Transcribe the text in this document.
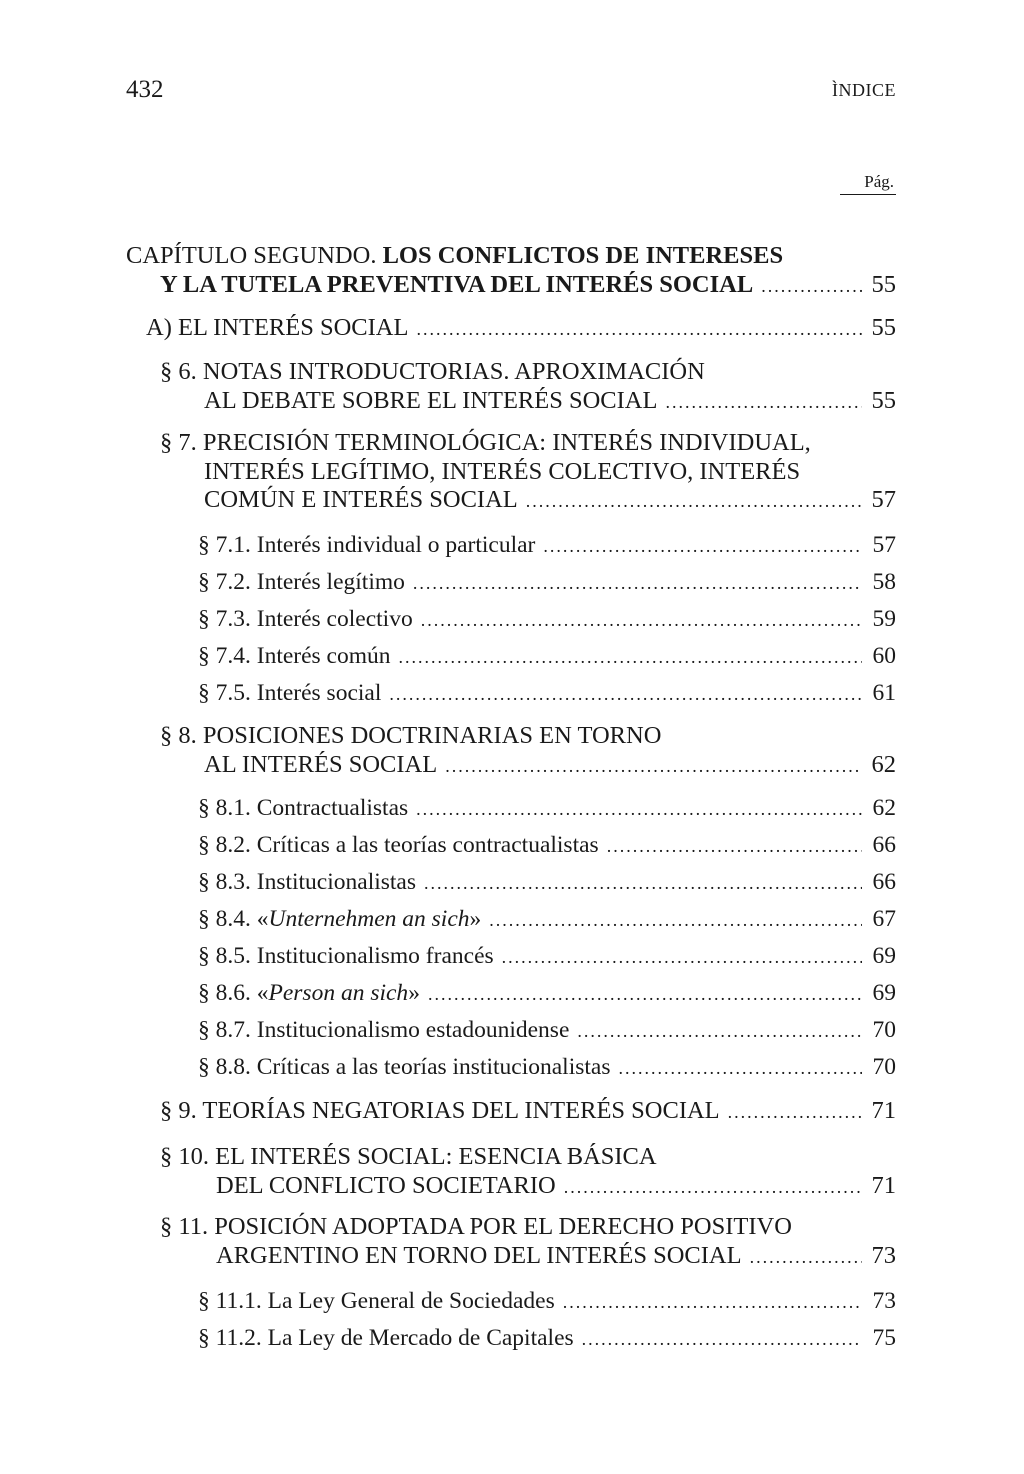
432	ÌNDICE
Pág.
CAPÍTULO SEGUNDO. LOS CONFLICTOS DE INTERESES
Y LA TUTELA PREVENTIVA DEL INTERÉS SOCIAL .....	55
A) EL INTERÉS SOCIAL .....	55
§ 6. NOTAS INTRODUCTORIAS. APROXIMACIÓN
AL DEBATE SOBRE EL INTERÉS SOCIAL .....	55
§ 7. PRECISIÓN TERMINOLÓGICA: INTERÉS INDIVIDUAL,
INTERÉS LEGÍTIMO, INTERÉS COLECTIVO, INTERÉS
COMÚN E INTERÉS SOCIAL .....	57
§ 7.1. Interés individual o particular .....	57
§ 7.2. Interés legítimo .....	58
§ 7.3. Interés colectivo .....	59
§ 7.4. Interés común .....	60
§ 7.5. Interés social .....	61
§ 8. POSICIONES DOCTRINARIAS EN TORNO
AL INTERÉS SOCIAL .....	62
§ 8.1. Contractualistas .....	62
§ 8.2. Críticas a las teorías contractualistas .....	66
§ 8.3. Institucionalistas .....	66
§ 8.4. «Unternehmen an sich» .....	67
§ 8.5. Institucionalismo francés .....	69
§ 8.6. «Person an sich» .....	69
§ 8.7. Institucionalismo estadounidense .....	70
§ 8.8. Críticas a las teorías institucionalistas .....	70
§ 9. TEORÍAS NEGATORIAS DEL INTERÉS SOCIAL .....	71
§ 10. EL INTERÉS SOCIAL: ESENCIA BÁSICA
DEL CONFLICTO SOCIETARIO .....	71
§ 11. POSICIÓN ADOPTADA POR EL DERECHO POSITIVO
ARGENTINO EN TORNO DEL INTERÉS SOCIAL .....	73
§ 11.1. La Ley General de Sociedades .....	73
§ 11.2. La Ley de Mercado de Capitales .....	75
